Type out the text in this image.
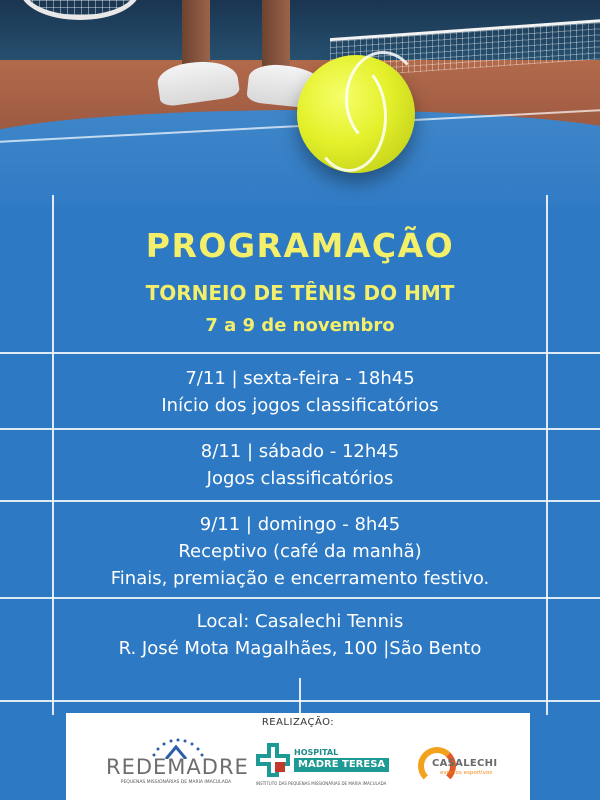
PROGRAMAÇÃO
TORNEIO DE TÊNIS DO HMT
7 a 9 de novembro
7/11 | sexta-feira - 18h45
Início dos jogos classificatórios
8/11 | sábado - 12h45
Jogos classificatórios
9/11 | domingo - 8h45
Receptivo (café da manhã)
Finais, premiação e encerramento festivo.
Local: Casalechi Tennis
R. José Mota Magalhães, 100 |São Bento
REALIZAÇÃO:
REDEMADRE
PEQUENAS MISSIONÁRIAS DE MARIA IMACULADA
HOSPITAL
MADRE TERESA
INSTITUTO DAS PEQUENAS MISSIONÁRIAS DE MARIA IMACULADA
CASALECHI
eventos esportivos
